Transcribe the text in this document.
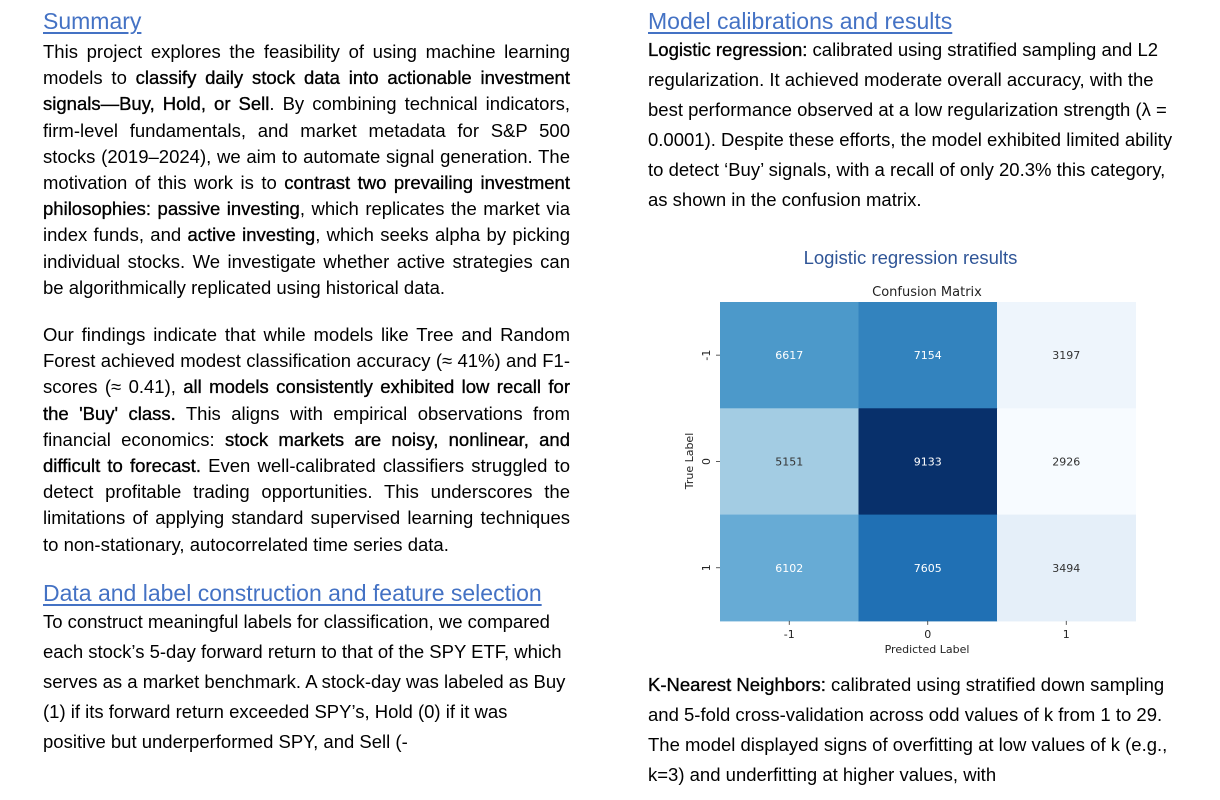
Summary

This project explores the feasibility of using machine learning models to classify daily stock data into actionable investment signals—Buy, Hold, or Sell. By combining technical indicators, firm-level fundamentals, and market metadata for S&P 500 stocks (2019–2024), we aim to automate signal generation. The motivation of this work is to contrast two prevailing investment philosophies: passive investing, which replicates the market via index funds, and active investing, which seeks alpha by picking individual stocks. We investigate whether active strategies can be algorithmically replicated using historical data.

Our findings indicate that while models like Tree and Random Forest achieved modest classification accuracy (≈ 41%) and F1-scores (≈ 0.41), all models consistently exhibited low recall for the 'Buy' class. This aligns with empirical observations from financial economics: stock markets are noisy, nonlinear, and difficult to forecast. Even well-calibrated classifiers struggled to detect profitable trading opportunities. This underscores the limitations of applying standard supervised learning techniques to non-stationary, autocorrelated time series data.

Data and label construction and feature selection

To construct meaningful labels for classification, we compared each stock’s 5-day forward return to that of the SPY ETF, which serves as a market benchmark. A stock-day was labeled as Buy (1) if its forward return exceeded SPY’s, Hold (0) if it was positive but underperformed SPY, and Sell (-

Model calibrations and results

Logistic regression: calibrated using stratified sampling and L2 regularization. It achieved moderate overall accuracy, with the best performance observed at a low regularization strength (λ = 0.0001). Despite these efforts, the model exhibited limited ability to detect ‘Buy’ signals, with a recall of only 20.3% this category, as shown in the confusion matrix.

Logistic regression results
Confusion Matrix
6617	7154	3197
5151	9133	2926
6102	7605	3494
-1	0	1
-1
0
1
Predicted Label
True Label

K-Nearest Neighbors: calibrated using stratified down sampling and 5-fold cross-validation across odd values of k from 1 to 29. The model displayed signs of overfitting at low values of k (e.g., k=3) and underfitting at higher values, with
